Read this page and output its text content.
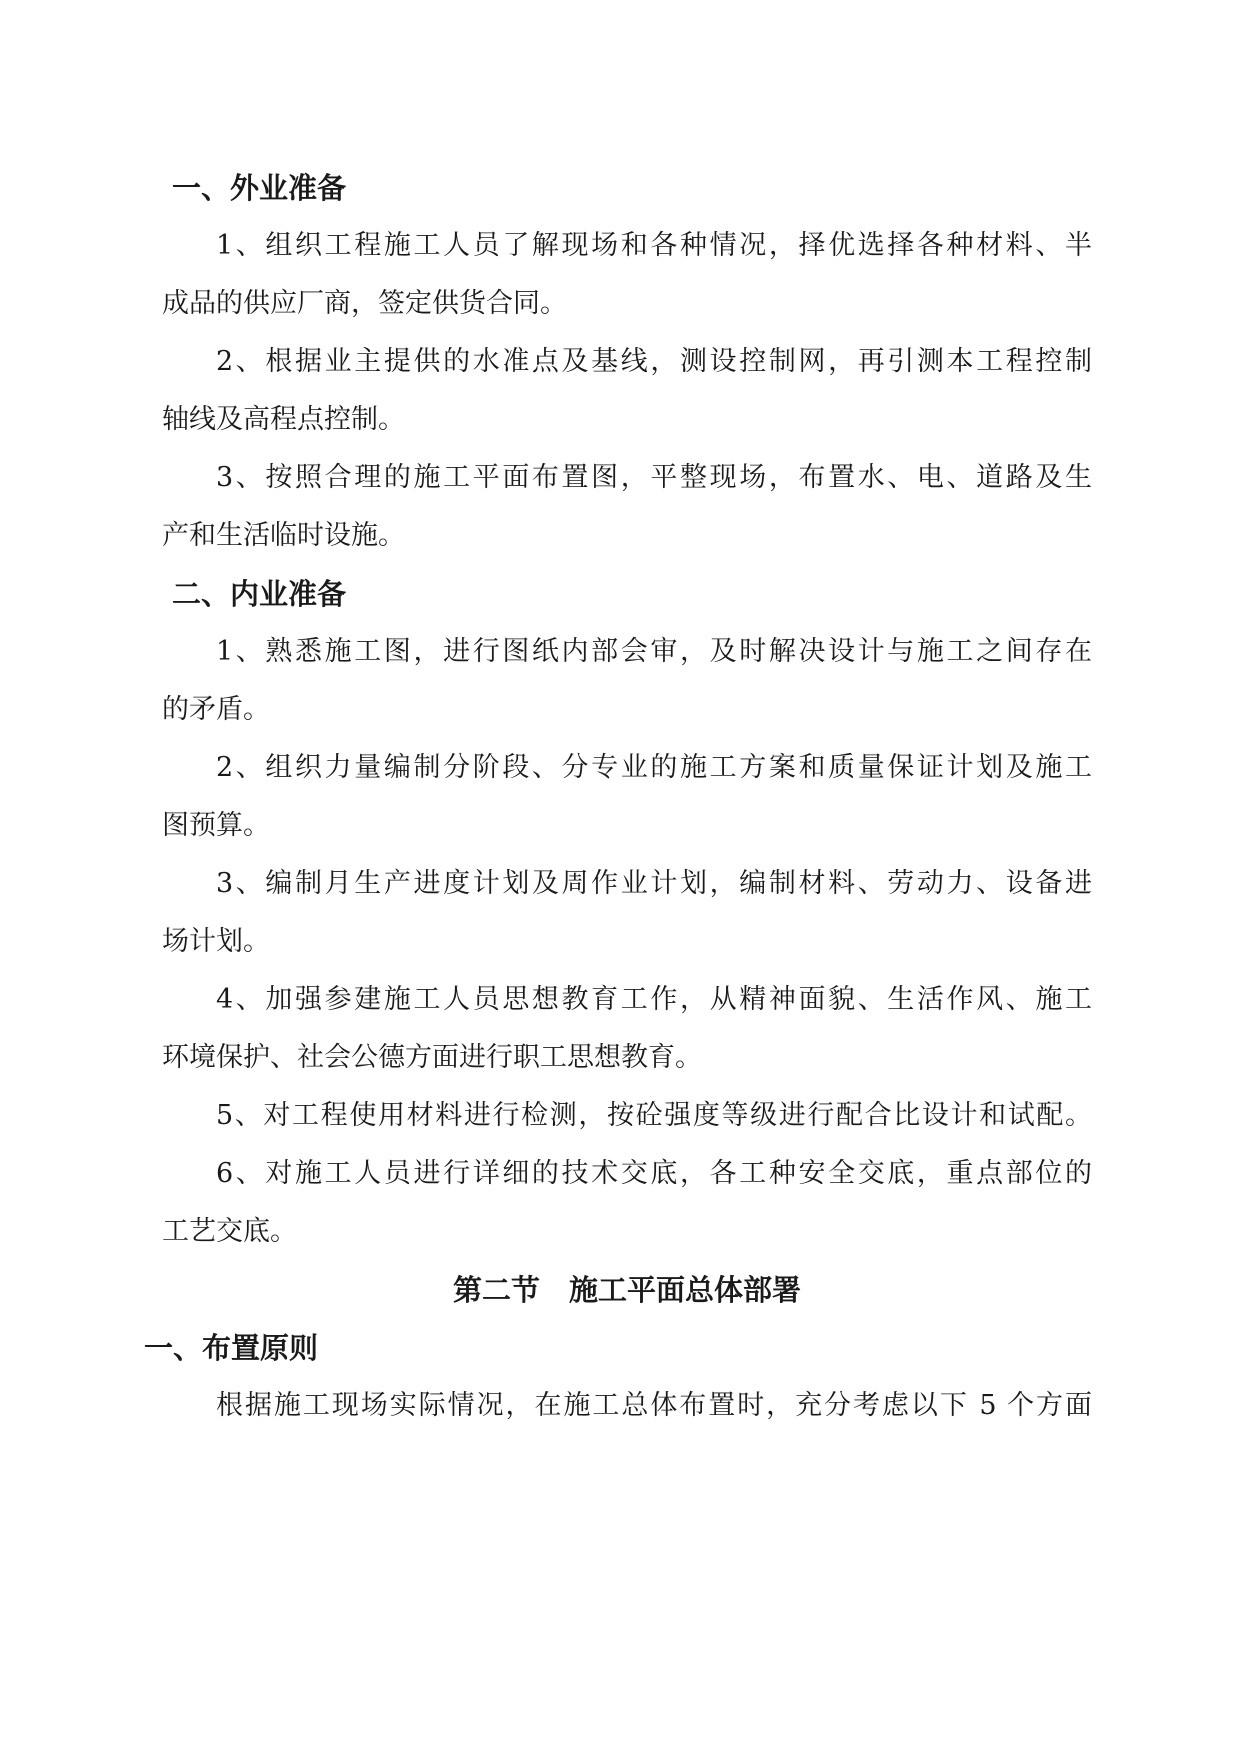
一、外业准备
1、组织工程施工人员了解现场和各种情况，择优选择各种材料、半
成品的供应厂商，签定供货合同。
2、根据业主提供的水准点及基线，测设控制网，再引测本工程控制
轴线及高程点控制。
3、按照合理的施工平面布置图，平整现场，布置水、电、道路及生
产和生活临时设施。
二、内业准备
1、熟悉施工图，进行图纸内部会审，及时解决设计与施工之间存在
的矛盾。
2、组织力量编制分阶段、分专业的施工方案和质量保证计划及施工
图预算。
3、编制月生产进度计划及周作业计划，编制材料、劳动力、设备进
场计划。
4、加强参建施工人员思想教育工作，从精神面貌、生活作风、施工
环境保护、社会公德方面进行职工思想教育。
5、对工程使用材料进行检测，按砼强度等级进行配合比设计和试配。
6、对施工人员进行详细的技术交底，各工种安全交底，重点部位的
工艺交底。
第二节　施工平面总体部署
一、布置原则
根据施工现场实际情况，在施工总体布置时，充分考虑以下 5 个方面
